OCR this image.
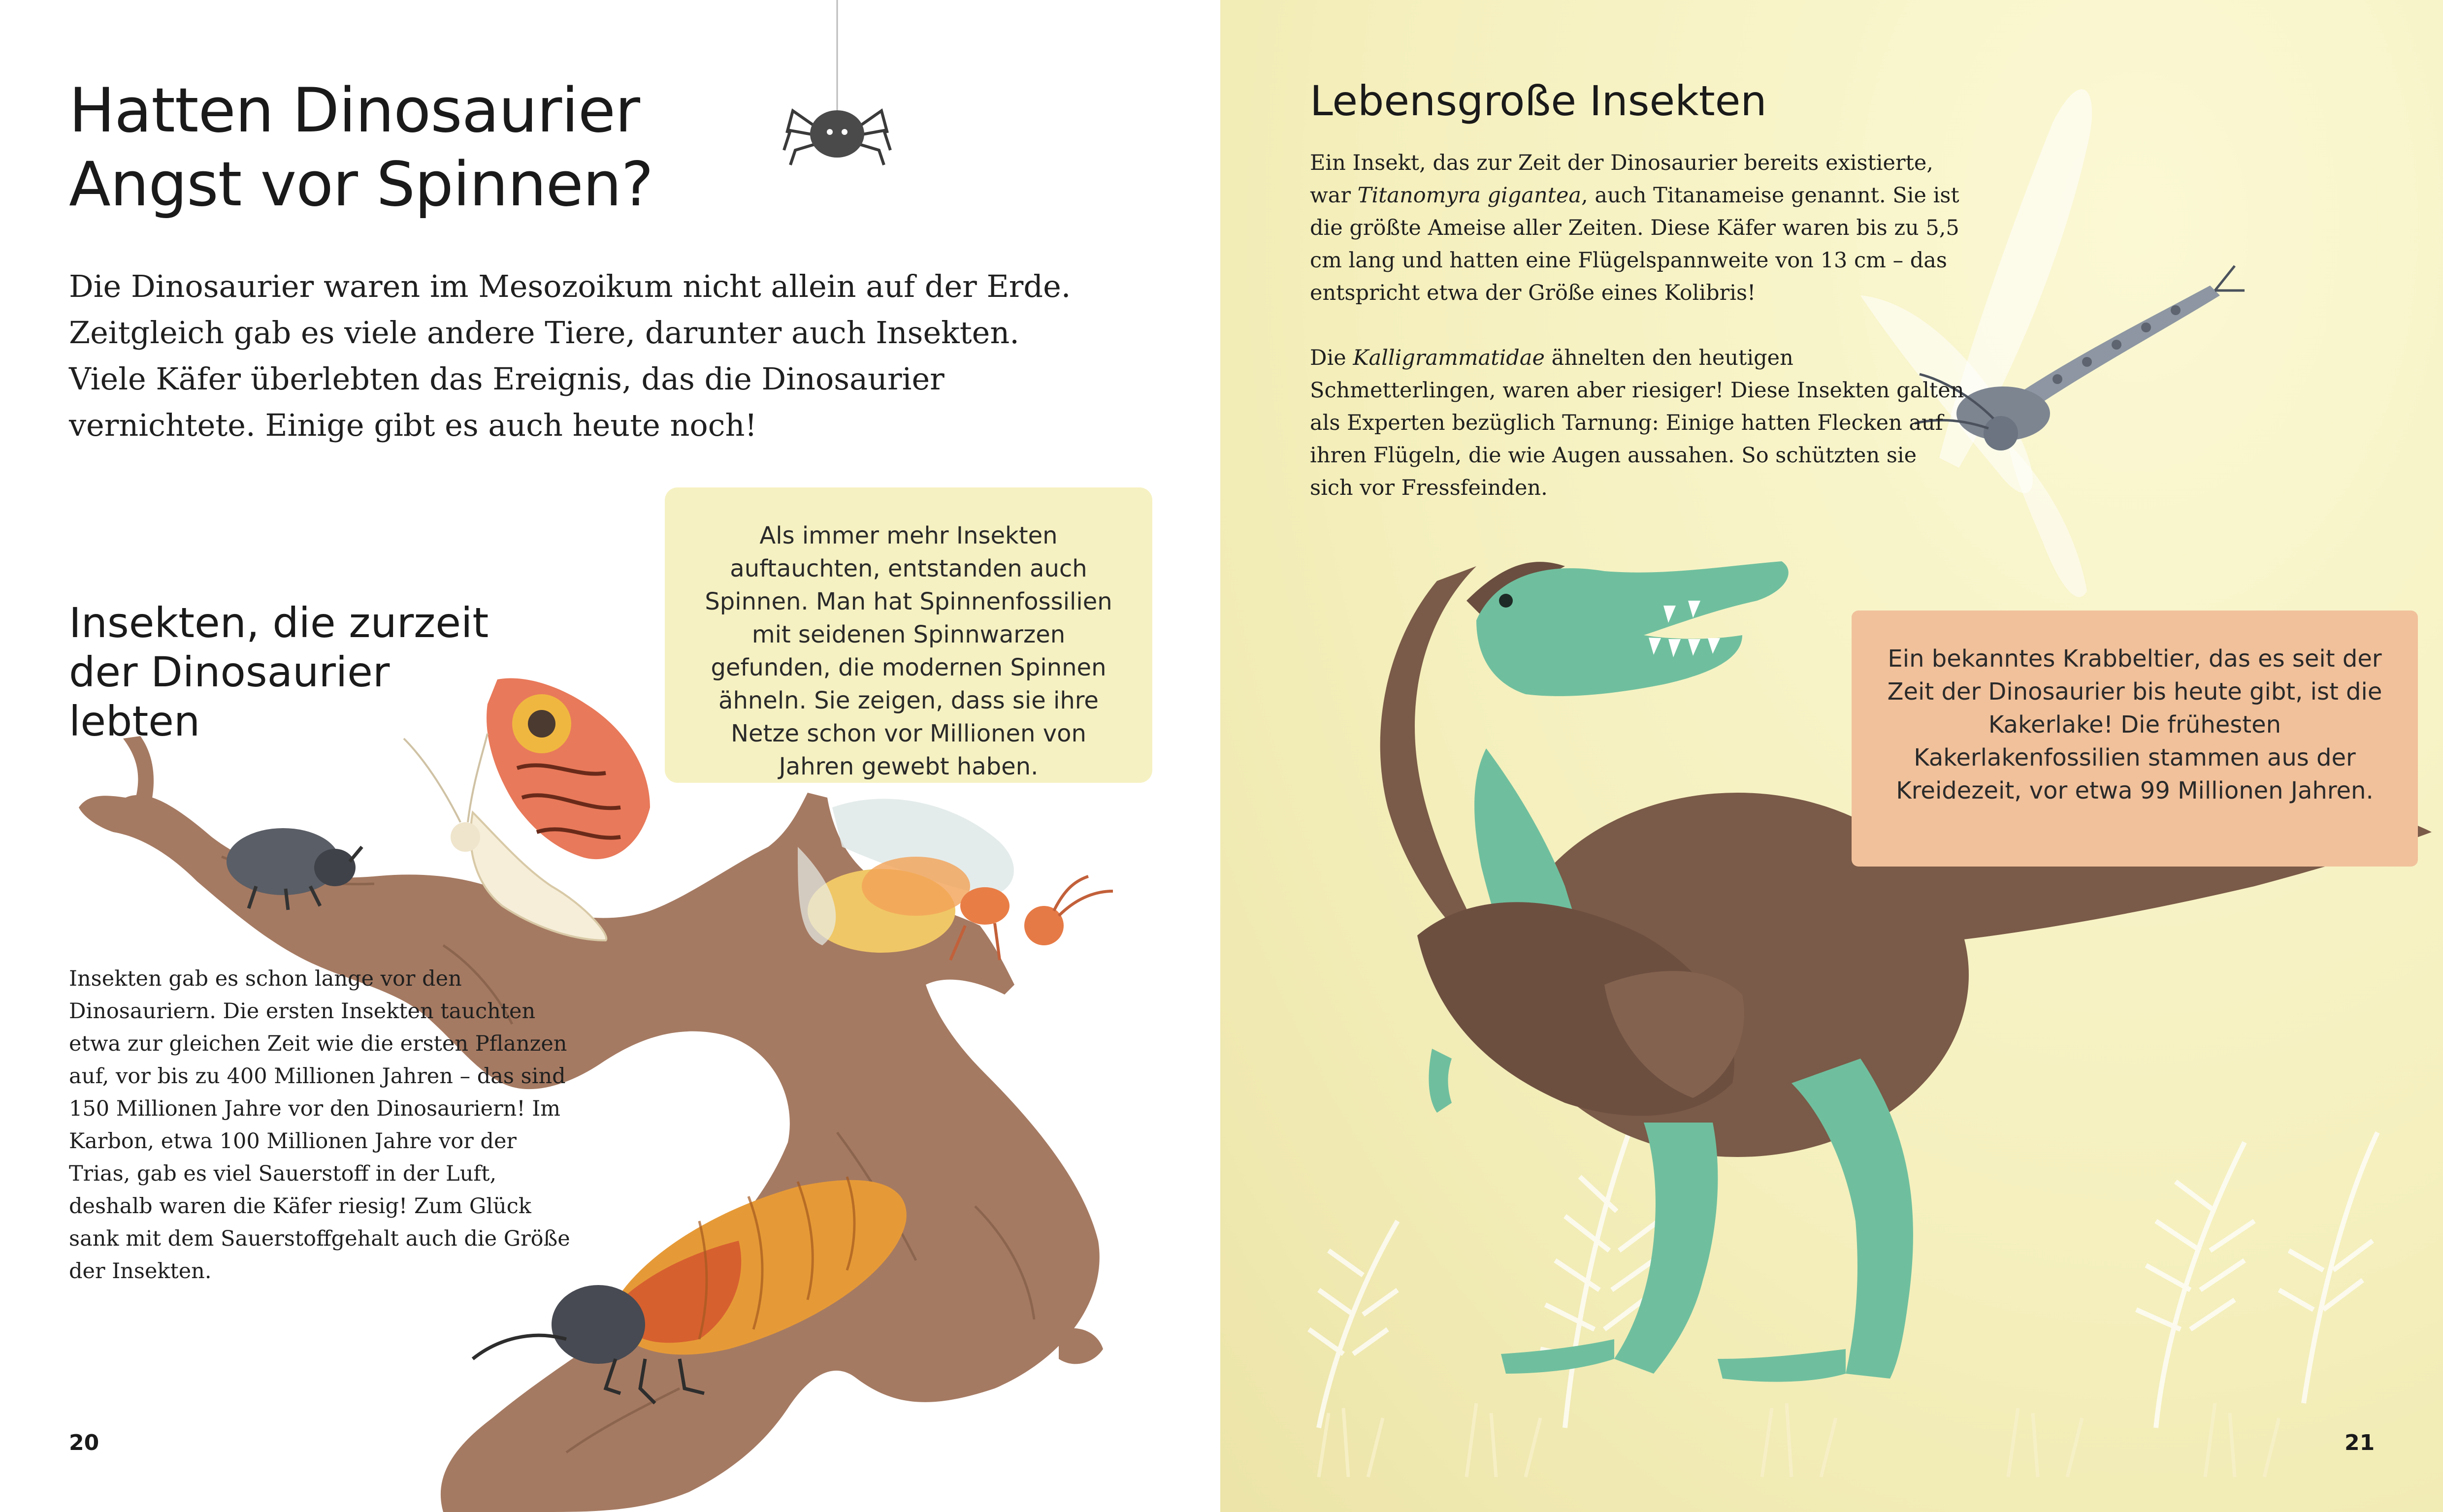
Hatten Dinosaurier Angst vor Spinnen?
Die Dinosaurier waren im Mesozoikum nicht allein auf der Erde. Zeitgleich gab es viele andere Tiere, darunter auch Insekten. Viele Käfer überlebten das Ereignis, das die Dinosaurier vernichtete. Einige gibt es auch heute noch!
Insekten, die zurzeit der Dinosaurier lebten
Insekten gab es schon lange vor den Dinosauriern. Die ersten Insekten tauchten etwa zur gleichen Zeit wie die ersten Pflanzen auf, vor bis zu 400 Millionen Jahren – das sind 150 Millionen Jahre vor den Dinosauriern! Im Karbon, etwa 100 Millionen Jahre vor der Trias, gab es viel Sauerstoff in der Luft, deshalb waren die Käfer riesig! Zum Glück sank mit dem Sauerstoffgehalt auch die Größe der Insekten.
Als immer mehr Insekten auftauchten, entstanden auch Spinnen. Man hat Spinnenfossilien mit seidenen Spinnwarzen gefunden, die modernen Spinnen ähneln. Sie zeigen, dass sie ihre Netze schon vor Millionen von Jahren gewebt haben.
20
Lebensgroße Insekten

Ein Insekt, das zur Zeit der Dinosaurier bereits existierte, war Titanomyra gigantea, auch Titanameise genannt. Sie ist die größte Ameise aller Zeiten. Diese Käfer waren bis zu 5,5 cm lang und hatten eine Flügelspannweite von 13 cm – das entspricht etwa der Größe eines Kolibris!

Die Kalligrammatidae ähnelten den heutigen Schmetterlingen, waren aber riesiger! Diese Insekten galten als Experten bezüglich Tarnung: Einige hatten Flecken auf ihren Flügeln, die wie Augen aussahen. So schützten sie sich vor Fressfeinden.

21
Ein bekanntes Krabbeltier, das es seit der Zeit der Dinosaurier bis heute gibt, ist die Kakerlake! Die frühesten Kakerlakenfossilien stammen aus der Kreidezeit, vor etwa 99 Millionen Jahren.
